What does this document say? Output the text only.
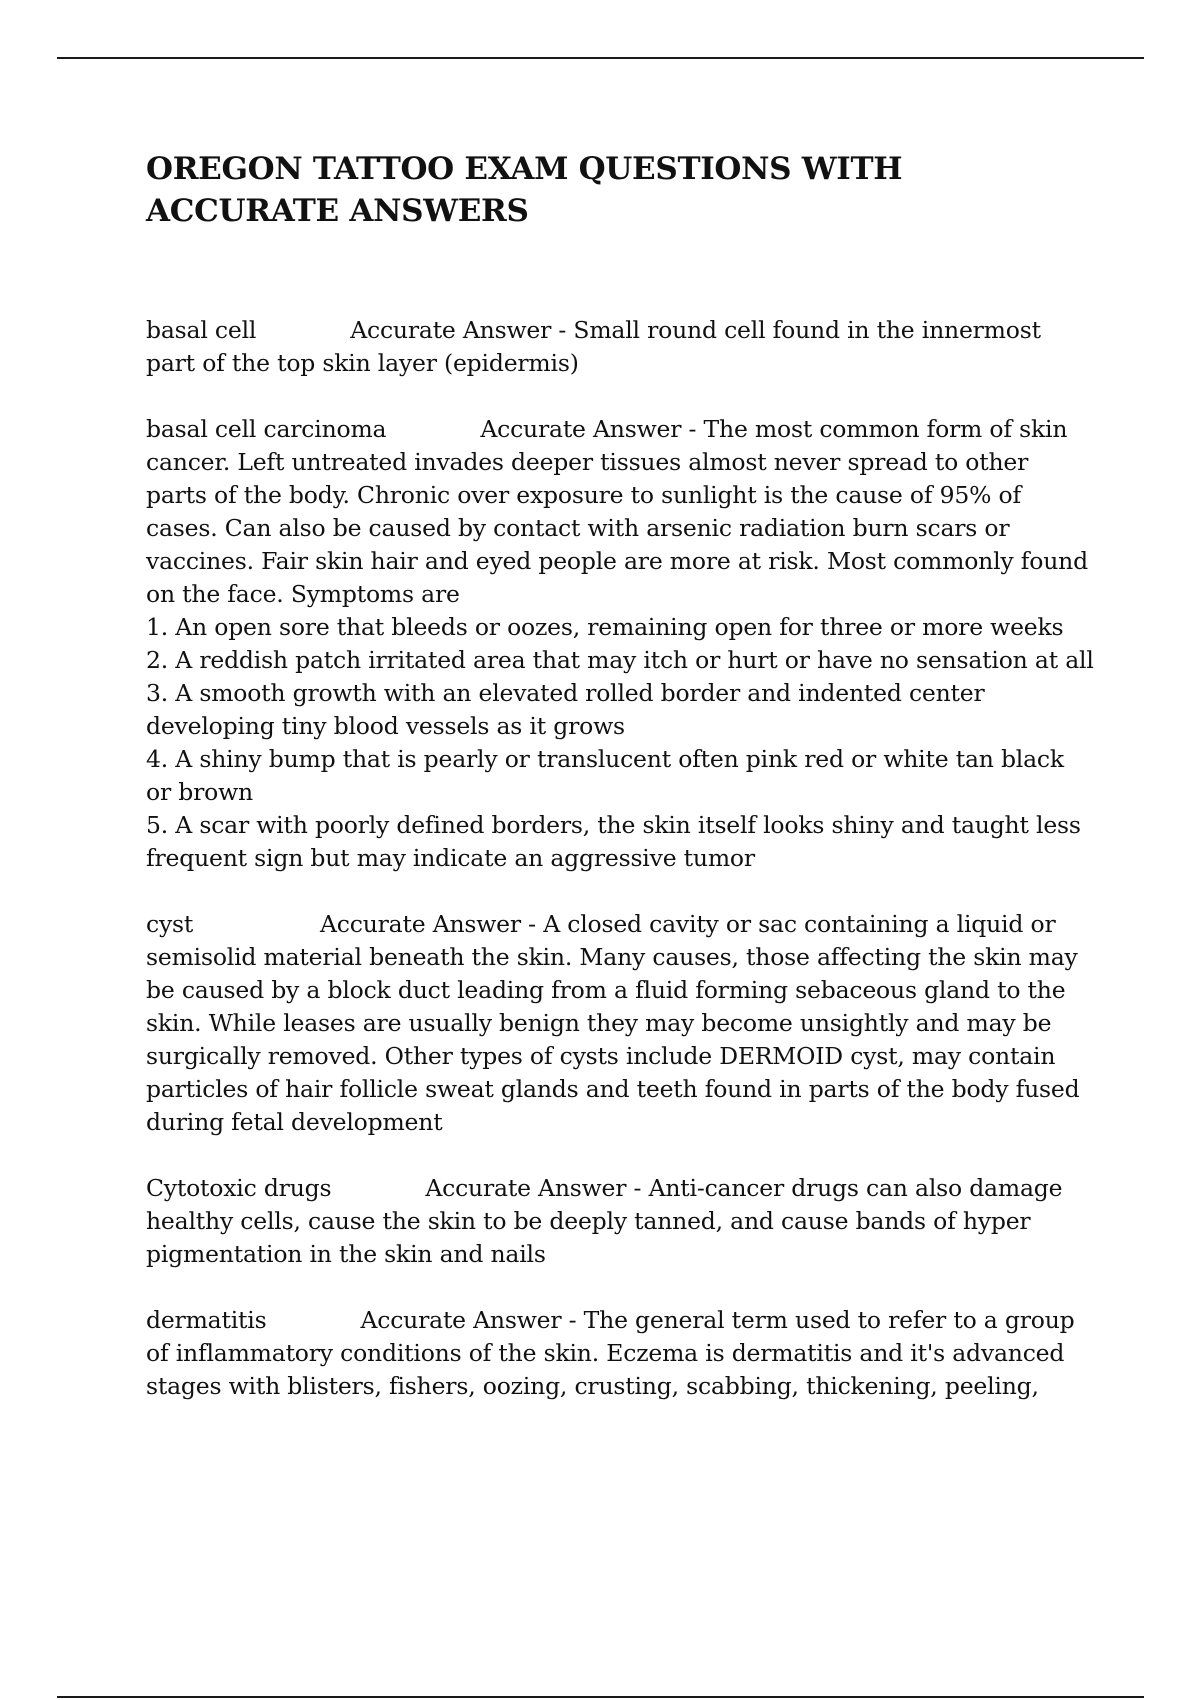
OREGON TATTOO EXAM QUESTIONS WITH ACCURATE ANSWERS
basal cell	Accurate Answer - Small round cell found in the innermost part of the top skin layer (epidermis)
basal cell carcinoma	Accurate Answer - The most common form of skin cancer. Left untreated invades deeper tissues almost never spread to other parts of the body. Chronic over exposure to sunlight is the cause of 95% of cases. Can also be caused by contact with arsenic radiation burn scars or vaccines. Fair skin hair and eyed people are more at risk. Most commonly found on the face. Symptoms are
1. An open sore that bleeds or oozes, remaining open for three or more weeks
2. A reddish patch irritated area that may itch or hurt or have no sensation at all
3. A smooth growth with an elevated rolled border and indented center developing tiny blood vessels as it grows
4. A shiny bump that is pearly or translucent often pink red or white tan black or brown
5. A scar with poorly defined borders, the skin itself looks shiny and taught less frequent sign but may indicate an aggressive tumor
cyst	Accurate Answer - A closed cavity or sac containing a liquid or semisolid material beneath the skin. Many causes, those affecting the skin may be caused by a block duct leading from a fluid forming sebaceous gland to the skin. While leases are usually benign they may become unsightly and may be surgically removed. Other types of cysts include DERMOID cyst, may contain particles of hair follicle sweat glands and teeth found in parts of the body fused during fetal development
Cytotoxic drugs	Accurate Answer - Anti-cancer drugs can also damage healthy cells, cause the skin to be deeply tanned, and cause bands of hyper pigmentation in the skin and nails
dermatitis	Accurate Answer - The general term used to refer to a group of inflammatory conditions of the skin. Eczema is dermatitis and it's advanced stages with blisters, fishers, oozing, crusting, scabbing, thickening, peeling,
